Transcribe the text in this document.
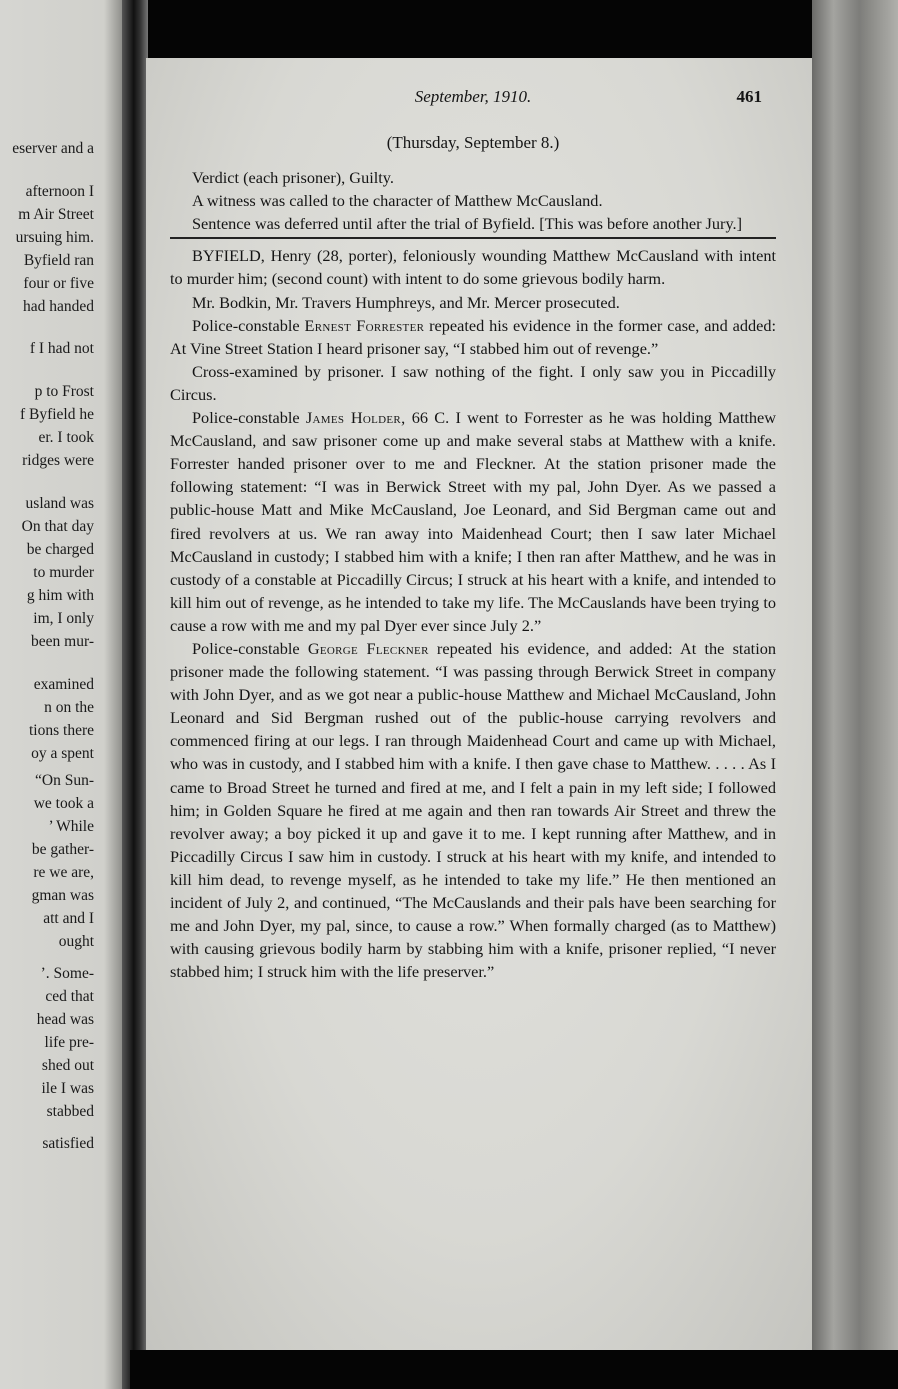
eserver and a
afternoon I
m Air Street
ursuing him.
Byfield ran
four or five
had handed
f I had not
p to Frost
f Byfield he
er. I took
ridges were
usland was
On that day
be charged
to murder
g him with
im, I only
been mur-
examined
n on the
tions there
oy a spent
“On Sun-
we took a
’ While
be gather-
re we are,
gman was
att and I
ought
’. Some-
ced that
head was
life pre-
shed out
ile I was
stabbed
satisfied
September, 1910.	461
(Thursday, September 8.)

Verdict (each prisoner), Guilty.

A witness was called to the character of Matthew McCausland.

Sentence was deferred until after the trial of Byfield. [This was before another Jury.]

BYFIELD, Henry (28, porter), feloniously wounding Matthew McCausland with intent to murder him; (second count) with intent to do some grievous bodily harm.

Mr. Bodkin, Mr. Travers Humphreys, and Mr. Mercer prosecuted.

Police-constable Ernest Forrester repeated his evidence in the former case, and added: At Vine Street Station I heard prisoner say, “I stabbed him out of revenge.”

Cross-examined by prisoner. I saw nothing of the fight. I only saw you in Piccadilly Circus.

Police-constable James Holder, 66 C. I went to Forrester as he was holding Matthew McCausland, and saw prisoner come up and make several stabs at Matthew with a knife. Forrester handed prisoner over to me and Fleckner. At the station prisoner made the following statement: “I was in Berwick Street with my pal, John Dyer. As we passed a public-house Matt and Mike McCausland, Joe Leonard, and Sid Bergman came out and fired revolvers at us. We ran away into Maidenhead Court; then I saw later Michael McCausland in custody; I stabbed him with a knife; I then ran after Matthew, and he was in custody of a constable at Piccadilly Circus; I struck at his heart with a knife, and intended to kill him out of revenge, as he intended to take my life. The McCauslands have been trying to cause a row with me and my pal Dyer ever since July 2.”

Police-constable George Fleckner repeated his evidence, and added: At the station prisoner made the following statement. “I was passing through Berwick Street in company with John Dyer, and as we got near a public-house Matthew and Michael McCausland, John Leonard and Sid Bergman rushed out of the public-house carrying revolvers and commenced firing at our legs. I ran through Maidenhead Court and came up with Michael, who was in custody, and I stabbed him with a knife. I then gave chase to Matthew. . . . . As I came to Broad Street he turned and fired at me, and I felt a pain in my left side; I followed him; in Golden Square he fired at me again and then ran towards Air Street and threw the revolver away; a boy picked it up and gave it to me. I kept running after Matthew, and in Piccadilly Circus I saw him in custody. I struck at his heart with my knife, and intended to kill him dead, to revenge myself, as he intended to take my life.” He then mentioned an incident of July 2, and continued, “The McCauslands and their pals have been searching for me and John Dyer, my pal, since, to cause a row.” When formally charged (as to Matthew) with causing grievous bodily harm by stabbing him with a knife, prisoner replied, “I never stabbed him; I struck him with the life preserver.”
